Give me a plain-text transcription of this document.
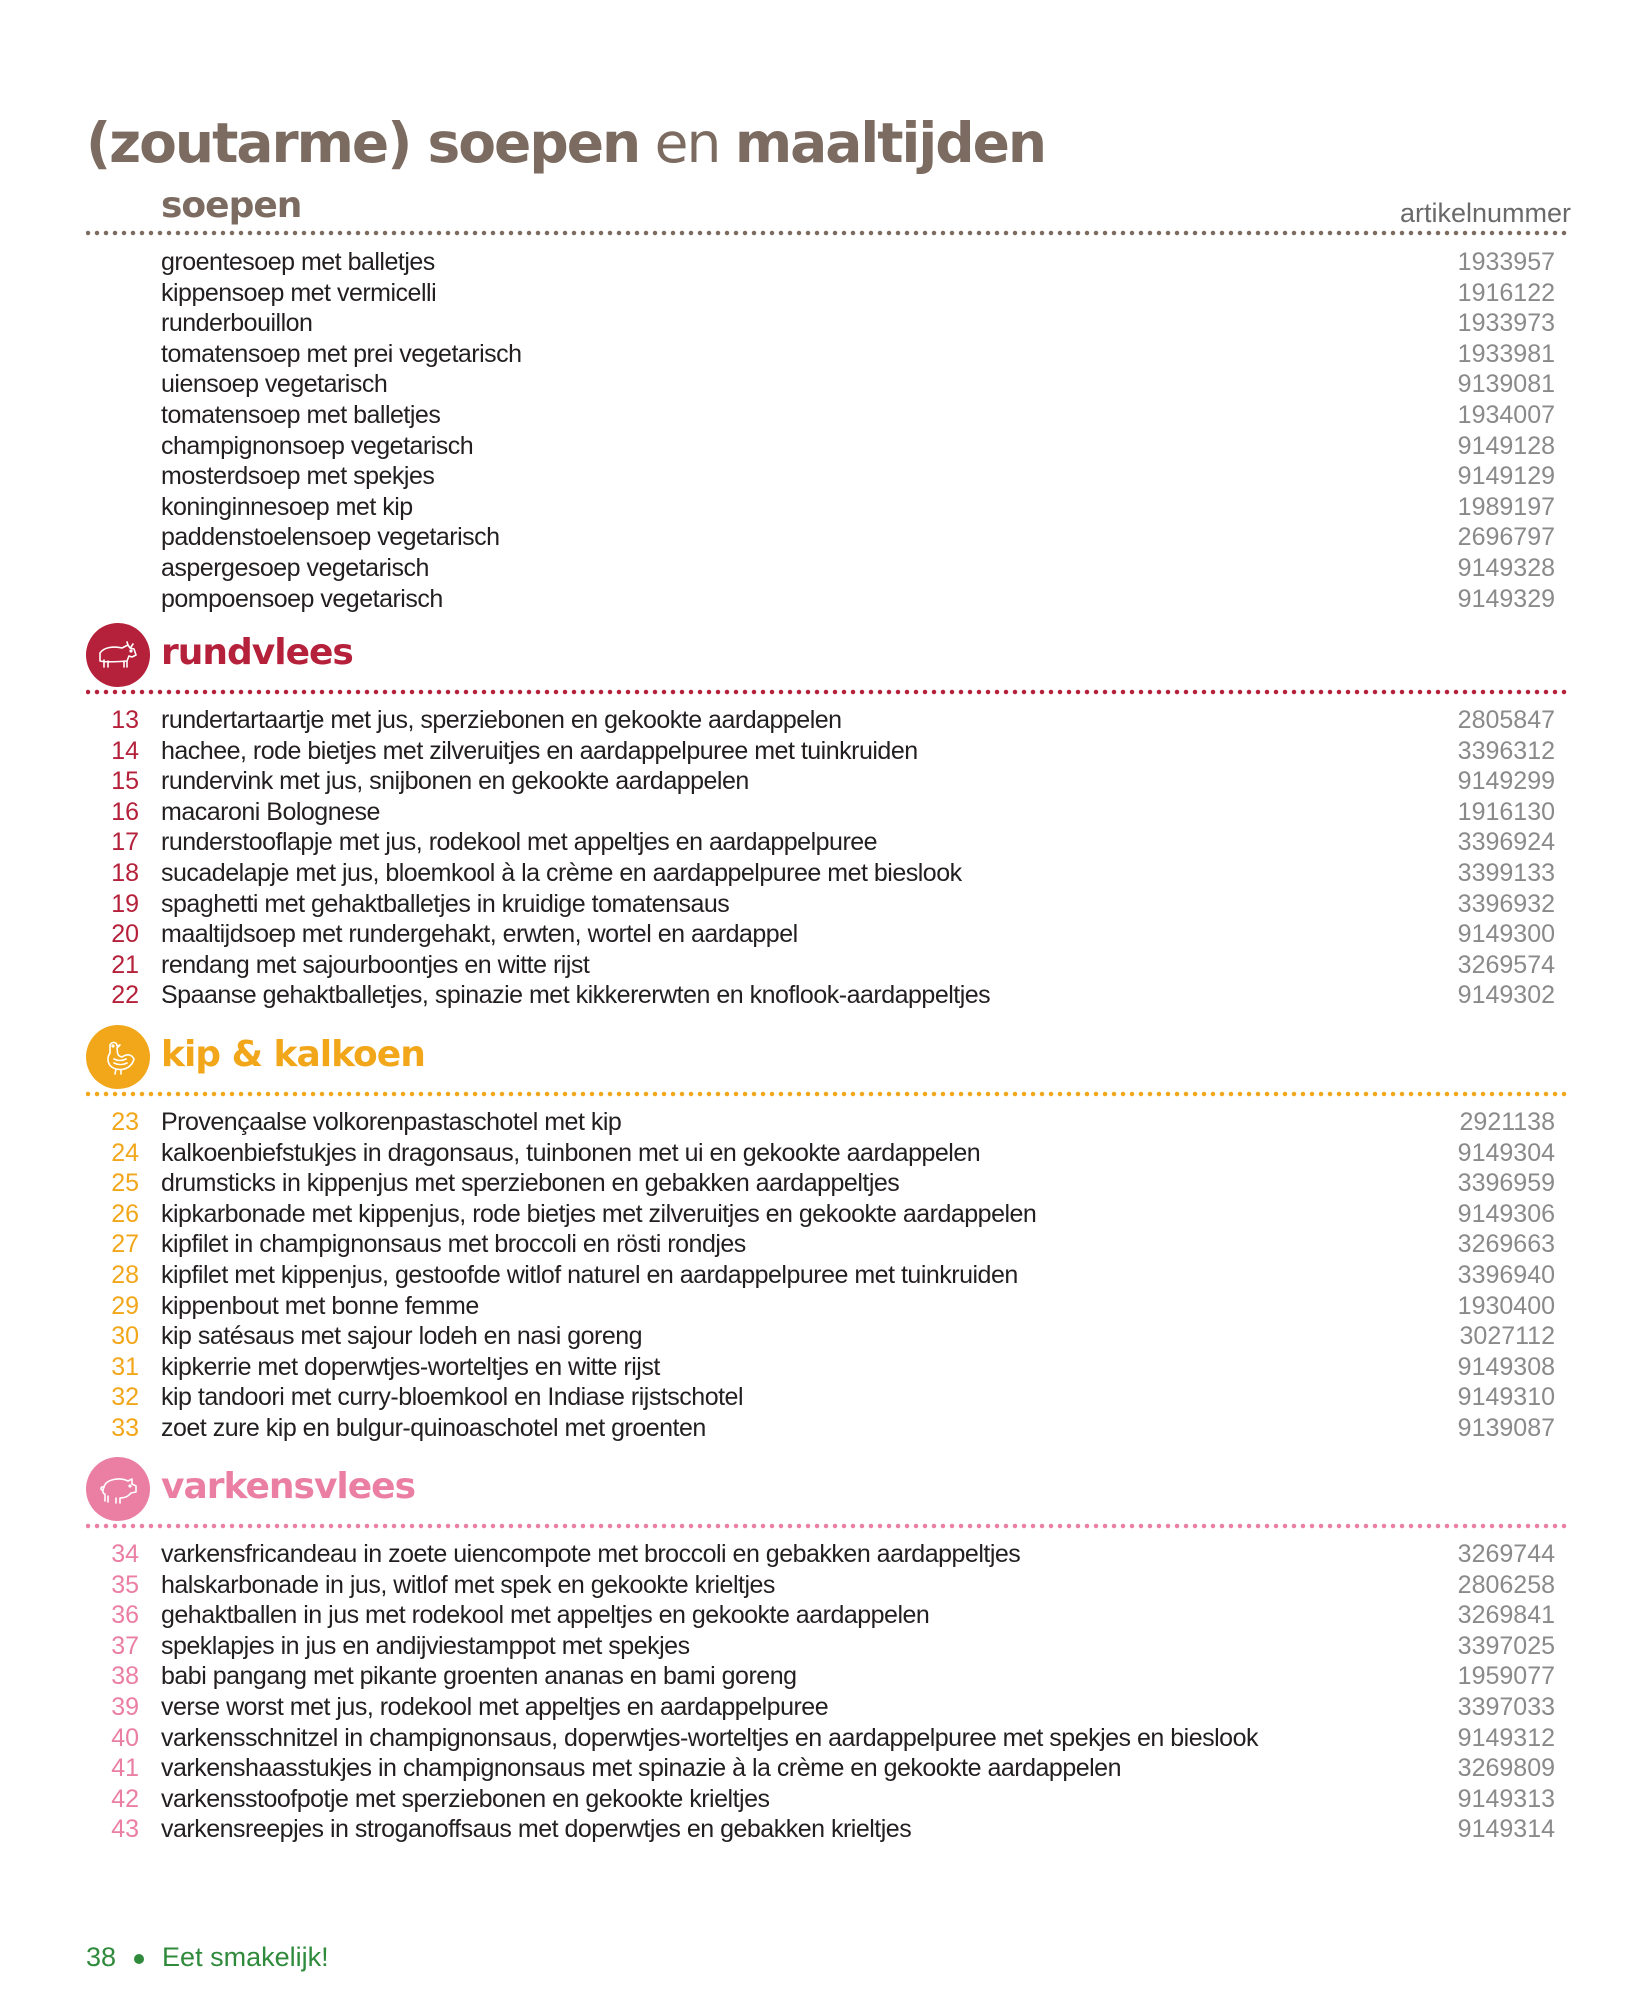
(zoutarme) soepen en maaltijden
soepen	artikelnummer
groentesoep met balletjes	1933957
kippensoep met vermicelli	1916122
runderbouillon	1933973
tomatensoep met prei vegetarisch	1933981
uiensoep vegetarisch	9139081
tomatensoep met balletjes	1934007
champignonsoep vegetarisch	9149128
mosterdsoep met spekjes	9149129
koninginnesoep met kip	1989197
paddenstoelensoep vegetarisch	2696797
aspergesoep vegetarisch	9149328
pompoensoep vegetarisch	9149329
rundvlees
13 rundertartaartje met jus, sperziebonen en gekookte aardappelen	2805847
14 hachee, rode bietjes met zilveruitjes en aardappelpuree met tuinkruiden	3396312
15 rundervink met jus, snijbonen en gekookte aardappelen	9149299
16 macaroni Bolognese	1916130
17 runderstooflapje met jus, rodekool met appeltjes en aardappelpuree	3396924
18 sucadelapje met jus, bloemkool à la crème en aardappelpuree met bieslook	3399133
19 spaghetti met gehaktballetjes in kruidige tomatensaus	3396932
20 maaltijdsoep met rundergehakt, erwten, wortel en aardappel	9149300
21 rendang met sajourboontjes en witte rijst	3269574
22 Spaanse gehaktballetjes, spinazie met kikkererwten en knoflook-aardappeltjes	9149302
kip & kalkoen
23 Provençaalse volkorenpastaschotel met kip	2921138
24 kalkoenbiefstukjes in dragonsaus, tuinbonen met ui en gekookte aardappelen	9149304
25 drumsticks in kippenjus met sperziebonen en gebakken aardappeltjes	3396959
26 kipkarbonade met kippenjus, rode bietjes met zilveruitjes en gekookte aardappelen	9149306
27 kipfilet in champignonsaus met broccoli en rösti rondjes	3269663
28 kipfilet met kippenjus, gestoofde witlof naturel en aardappelpuree met tuinkruiden	3396940
29 kippenbout met bonne femme	1930400
30 kip satésaus met sajour lodeh en nasi goreng	3027112
31 kipkerrie met doperwtjes-worteltjes en witte rijst	9149308
32 kip tandoori met curry-bloemkool en Indiase rijstschotel	9149310
33 zoet zure kip en bulgur-quinoaschotel met groenten	9139087
varkensvlees
34 varkensfricandeau in zoete uiencompote met broccoli en gebakken aardappeltjes	3269744
35 halskarbonade in jus, witlof met spek en gekookte krieltjes	2806258
36 gehaktballen in jus met rodekool met appeltjes en gekookte aardappelen	3269841
37 speklapjes in jus en andijviestamppot met spekjes	3397025
38 babi pangang met pikante groenten ananas en bami goreng	1959077
39 verse worst met jus, rodekool met appeltjes en aardappelpuree	3397033
40 varkensschnitzel in champignonsaus, doperwtjes-worteltjes en aardappelpuree met spekjes en bieslook	9149312
41 varkenshaasstukjes in champignonsaus met spinazie à la crème en gekookte aardappelen	3269809
42 varkensstoofpotje met sperziebonen en gekookte krieltjes	9149313
43 varkensreepjes in stroganoffsaus met doperwtjes en gebakken krieltjes	9149314
38 Eet smakelijk!
